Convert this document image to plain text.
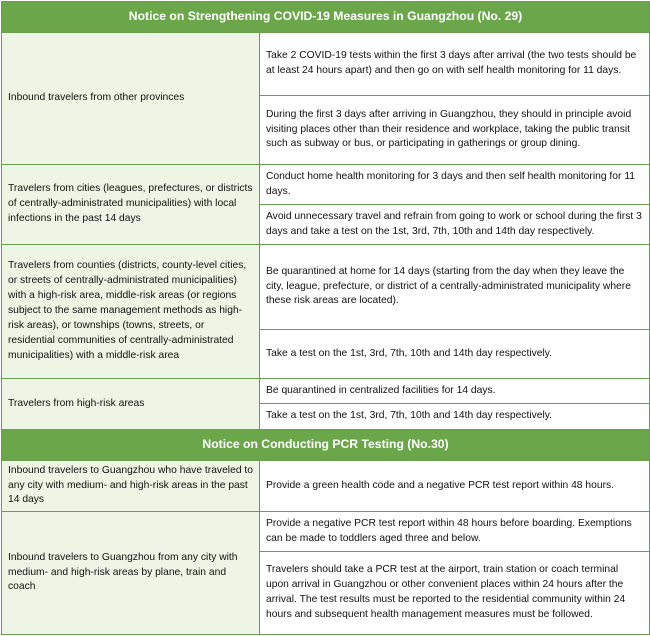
Notice on Strengthening COVID-19 Measures in Guangzhou (No. 29)	
Inbound travelers from other provinces	Take 2 COVID-19 tests within the first 3 days after arrival (the two tests should be at least 24 hours apart) and then go on with self health monitoring for 11 days.
	During the first 3 days after arriving in Guangzhou, they should in principle avoid visiting places other than their residence and workplace, taking the public transit such as subway or bus, or participating in gatherings or group dining.
Travelers from cities (leagues, prefectures, or districts of centrally-administrated municipalities) with local infections in the past 14 days	Conduct home health monitoring for 3 days and then self health monitoring for 11 days.
	Avoid unnecessary travel and refrain from going to work or school during the first 3 days and take a test on the 1st, 3rd, 7th, 10th and 14th day respectively.
Travelers from counties (districts, county-level cities, or streets of centrally-administrated municipalities) with a high-risk area, middle-risk areas (or regions subject to the same management methods as high-risk areas), or townships (towns, streets, or residential communities of centrally-administrated municipalities) with a middle-risk area	Be quarantined at home for 14 days (starting from the day when they leave the city, league, prefecture, or district of a centrally-administrated municipality where these risk areas are located).
	Take a test on the 1st, 3rd, 7th, 10th and 14th day respectively.
Travelers from high-risk areas	Be quarantined in centralized facilities for 14 days.
	Take a test on the 1st, 3rd, 7th, 10th and 14th day respectively.
Notice on Conducting PCR Testing (No.30)	
Inbound travelers to Guangzhou who have traveled to any city with medium- and high-risk areas in the past 14 days	Provide a green health code and a negative PCR test report within 48 hours.
Inbound travelers to Guangzhou from any city with medium- and high-risk areas by plane, train and coach	Provide a negative PCR test report within 48 hours before boarding. Exemptions can be made to toddlers aged three and below.
	Travelers should take a PCR test at the airport, train station or coach terminal upon arrival in Guangzhou or other convenient places within 24 hours after the arrival. The test results must be reported to the residential community within 24 hours and subsequent health management measures must be followed.
